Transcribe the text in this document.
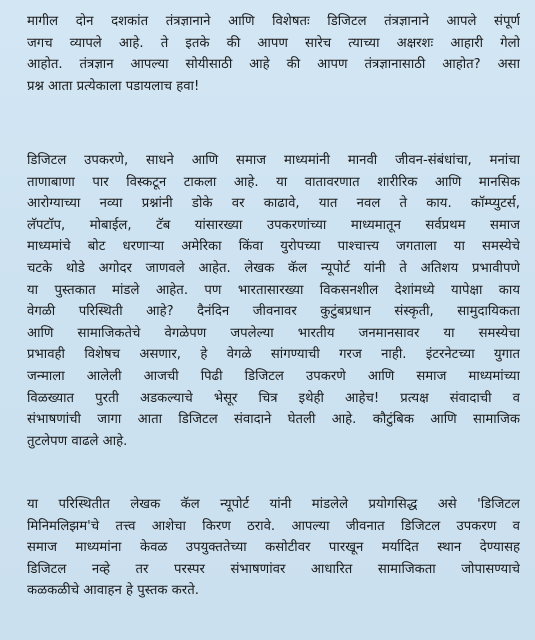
मागील दोन दशकांत तंत्रज्ञानाने आणि विशेषतः डिजिटल तंत्रज्ञानाने आपले संपूर्ण
जगच व्यापले आहे. ते इतके की आपण सारेच त्याच्या अक्षरशः आहारी गेलो
आहोत. तंत्रज्ञान आपल्या सोयीसाठी आहे की आपण तंत्रज्ञानासाठी आहोत? असा
प्रश्न आता प्रत्येकाला पडायलाच हवा!

डिजिटल उपकरणे, साधने आणि समाज माध्यमांनी मानवी जीवन-संबंधांचा, मनांचा
ताणाबाणा पार विस्कटून टाकला आहे. या वातावरणात शारीरिक आणि मानसिक
आरोग्याच्या नव्या प्रश्नांनी डोके वर काढावे, यात नवल ते काय. कॉम्प्युटर्स,
लॅपटॉप, मोबाईल, टॅब यांसारख्या उपकरणांच्या माध्यमातून सर्वप्रथम समाज
माध्यमांचे बोट धरणाऱ्या अमेरिका किंवा युरोपच्या पाश्चात्त्य जगताला या समस्येचे
चटके थोडे अगोदर जाणवले आहेत. लेखक कॅल न्यूपोर्ट यांनी ते अतिशय प्रभावीपणे
या पुस्तकात मांडले आहेत. पण भारतासारख्या विकसनशील देशांमध्ये यापेक्षा काय
वेगळी परिस्थिती आहे? दैनंदिन जीवनावर कुटुंबप्रधान संस्कृती, सामुदायिकता
आणि सामाजिकतेचे वेगळेपण जपलेल्या भारतीय जनमानसावर या समस्येचा
प्रभावही विशेषच असणार, हे वेगळे सांगण्याची गरज नाही. इंटरनेटच्या युगात
जन्माला आलेली आजची पिढी डिजिटल उपकरणे आणि समाज माध्यमांच्या
विळख्यात पुरती अडकल्याचे भेसूर चित्र इथेही आहेच! प्रत्यक्ष संवादाची व
संभाषणांची जागा आता डिजिटल संवादाने घेतली आहे. कौटुंबिक आणि सामाजिक
तुटलेपण वाढले आहे.

या परिस्थितीत लेखक कॅल न्यूपोर्ट यांनी मांडलेले प्रयोगसिद्ध असे 'डिजिटल
मिनिमलिझम'चे तत्त्व आशेचा किरण ठरावे. आपल्या जीवनात डिजिटल उपकरण व
समाज माध्यमांना केवळ उपयुक्ततेच्या कसोटीवर पारखून मर्यादित स्थान देण्यासह
डिजिटल नव्हे तर परस्पर संभाषणांवर आधारित सामाजिकता जोपासण्याचे
कळकळीचे आवाहन हे पुस्तक करते.
